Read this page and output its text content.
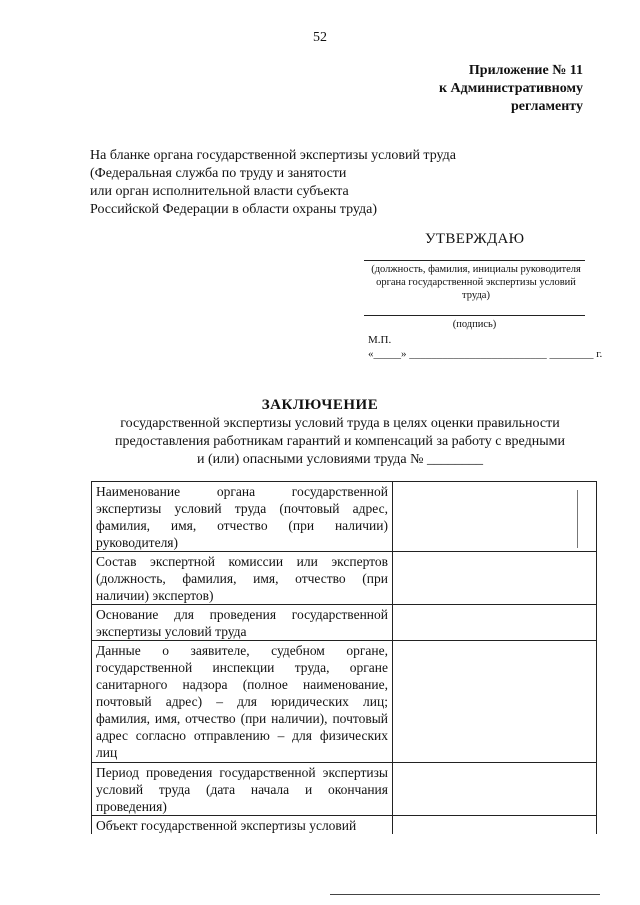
52
Приложение № 11
к Административному
регламенту
На бланке органа государственной экспертизы условий труда
(Федеральная служба по труду и занятости
или орган исполнительной власти субъекта
Российской Федерации в области охраны труда)
УТВЕРЖДАЮ
(должность, фамилия, инициалы руководителя
органа государственной экспертизы условий
труда)
(подпись)
М.П.
«_____» _________________________ ________ г.
ЗАКЛЮЧЕНИЕ
государственной экспертизы условий труда в целях оценки правильности
предоставления работникам гарантий и компенсаций за работу с вредными
и (или) опасными условиями труда № ________
Наименование органа государственной экспертизы условий труда (почтовый адрес, фамилия, имя, отчество (при наличии) руководителя)	
Состав экспертной комиссии или экспертов (должность, фамилия, имя, отчество (при наличии) экспертов)	
Основание для проведения государственной экспертизы условий труда	
Данные о заявителе, судебном органе, государственной инспекции труда, органе санитарного надзора (полное наименование, почтовый адрес) – для юридических лиц; фамилия, имя, отчество (при наличии), почтовый адрес согласно отправлению – для физических лиц	
Период проведения государственной экспертизы условий труда (дата начала и окончания проведения)	
Объект государственной экспертизы условий	
